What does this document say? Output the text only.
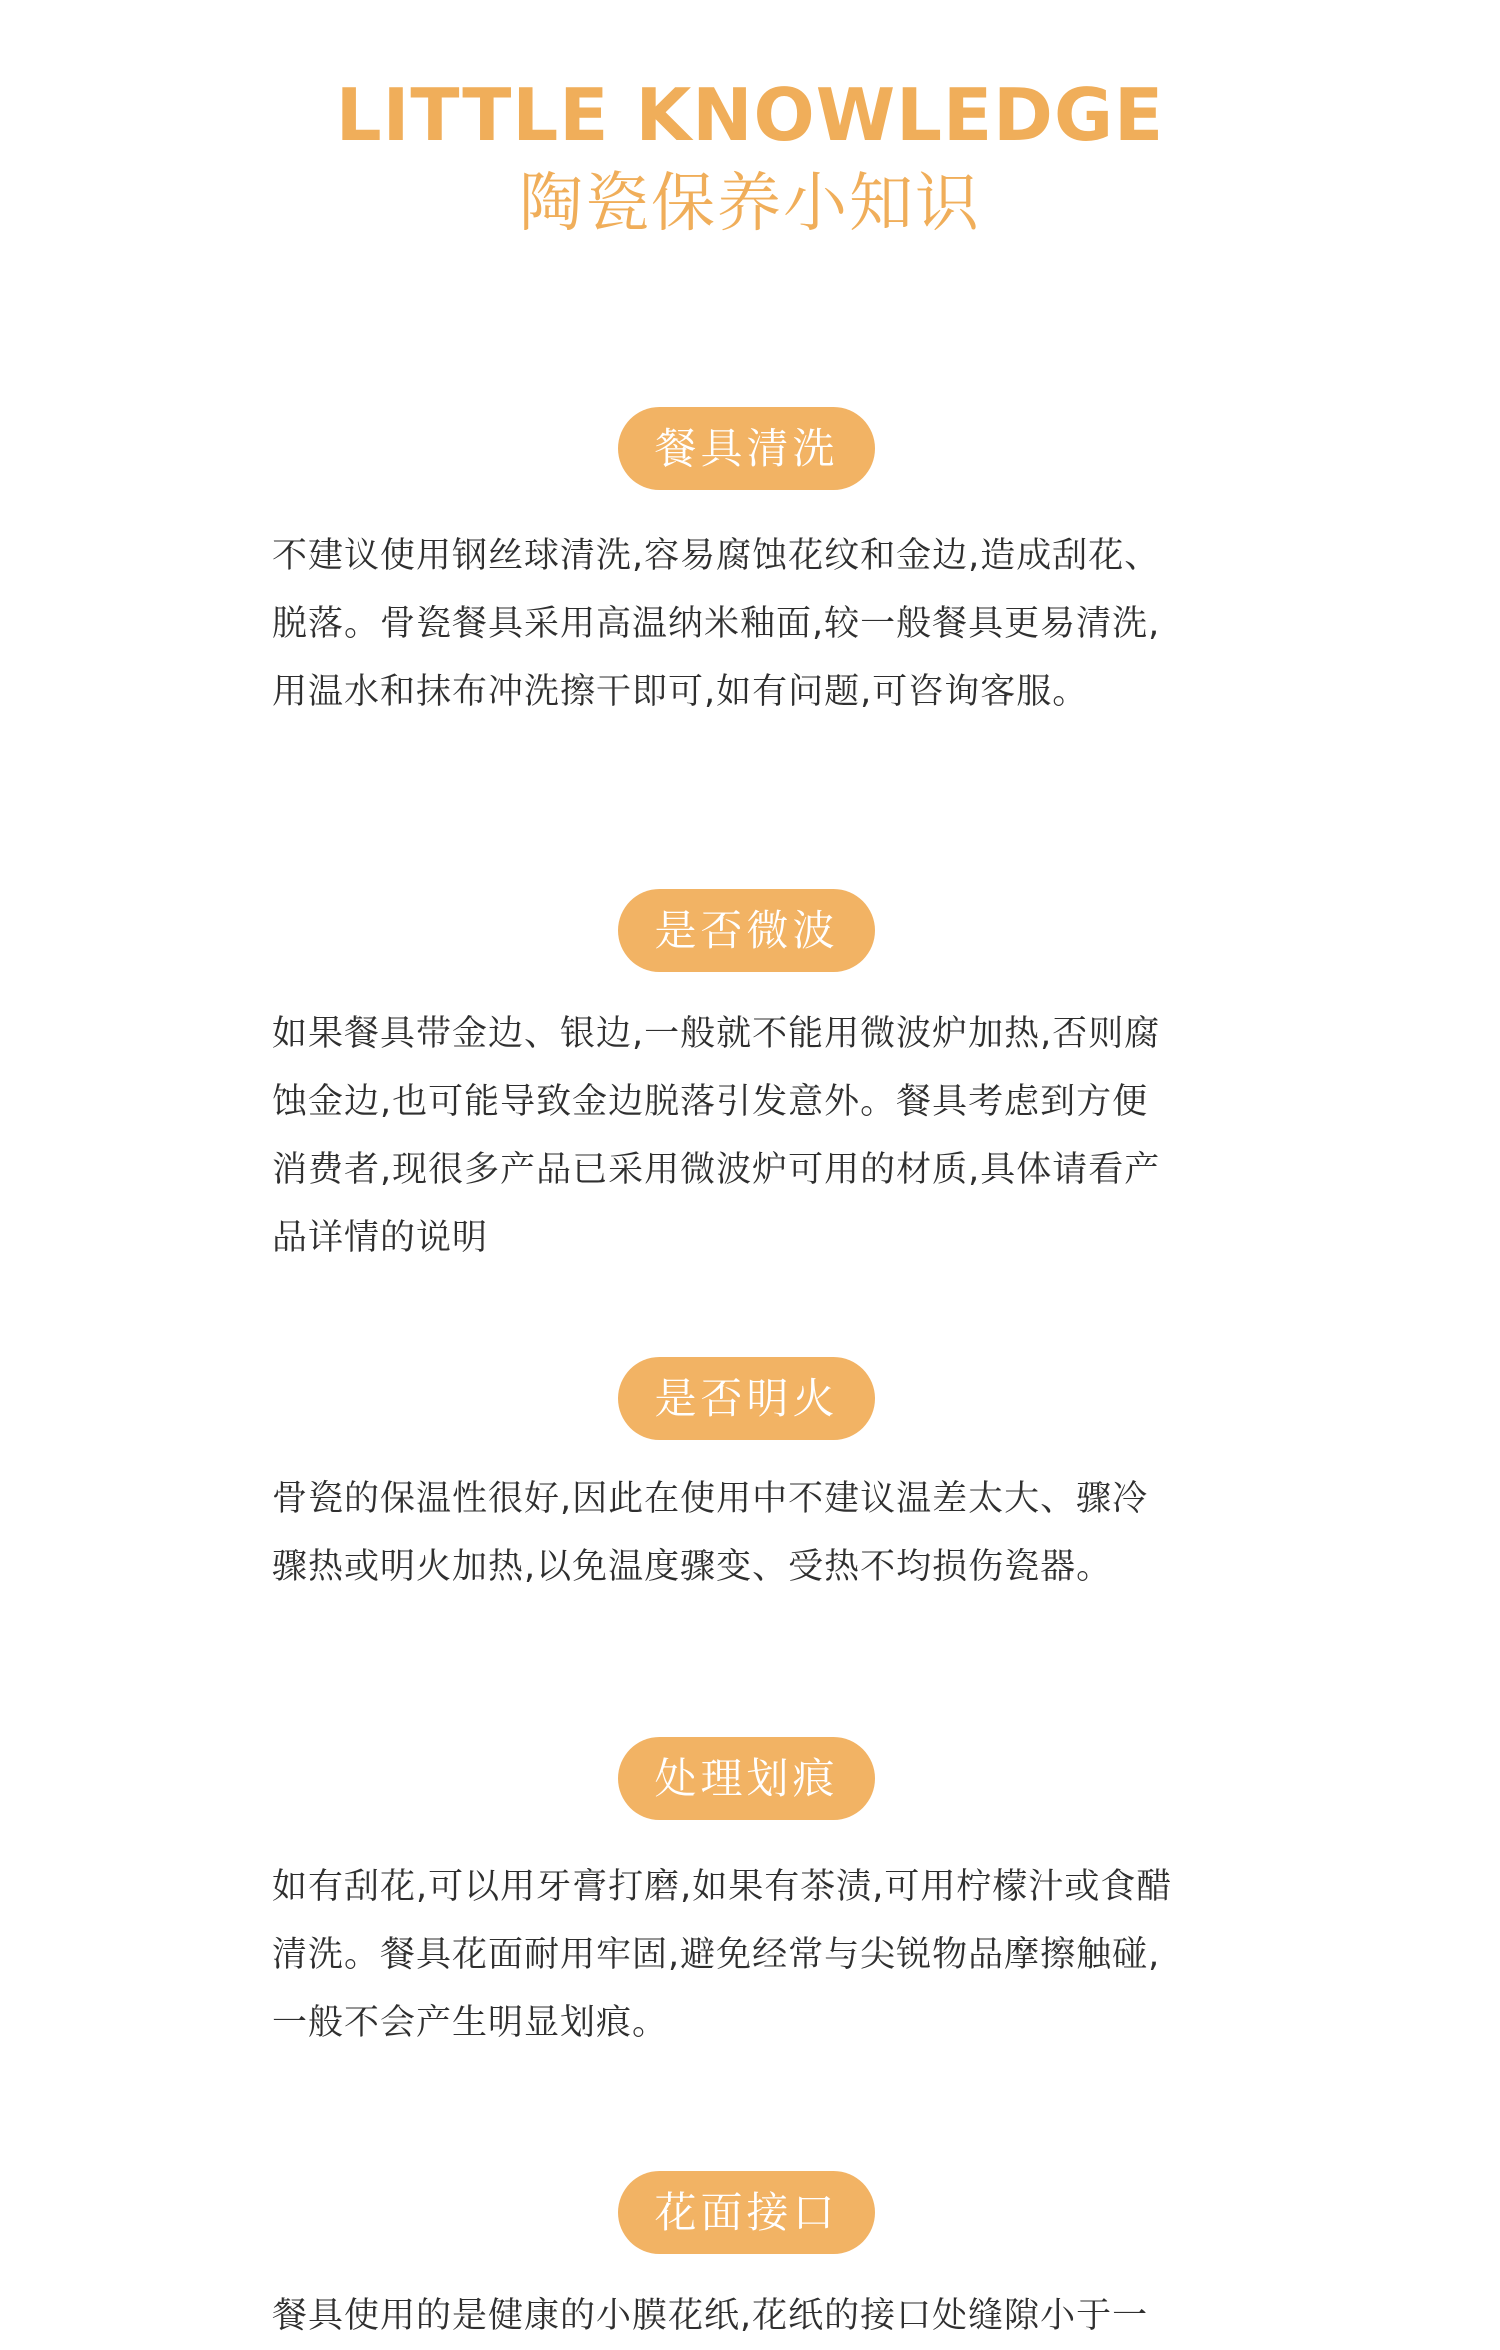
LITTLE KNOWLEDGE
陶瓷保养小知识
餐具清洗
不建议使用钢丝球清洗,容易腐蚀花纹和金边,造成刮花、
脱落。骨瓷餐具采用高温纳米釉面,较一般餐具更易清洗,
用温水和抹布冲洗擦干即可,如有问题,可咨询客服。
是否微波
如果餐具带金边、银边,一般就不能用微波炉加热,否则腐
蚀金边,也可能导致金边脱落引发意外。餐具考虑到方便
消费者,现很多产品已采用微波炉可用的材质,具体请看产
品详情的说明
是否明火
骨瓷的保温性很好,因此在使用中不建议温差太大、骤冷
骤热或明火加热,以免温度骤变、受热不均损伤瓷器。
处理划痕
如有刮花,可以用牙膏打磨,如果有茶渍,可用柠檬汁或食醋
清洗。餐具花面耐用牢固,避免经常与尖锐物品摩擦触碰,
一般不会产生明显划痕。
花面接口
餐具使用的是健康的小膜花纸,花纸的接口处缝隙小于一
